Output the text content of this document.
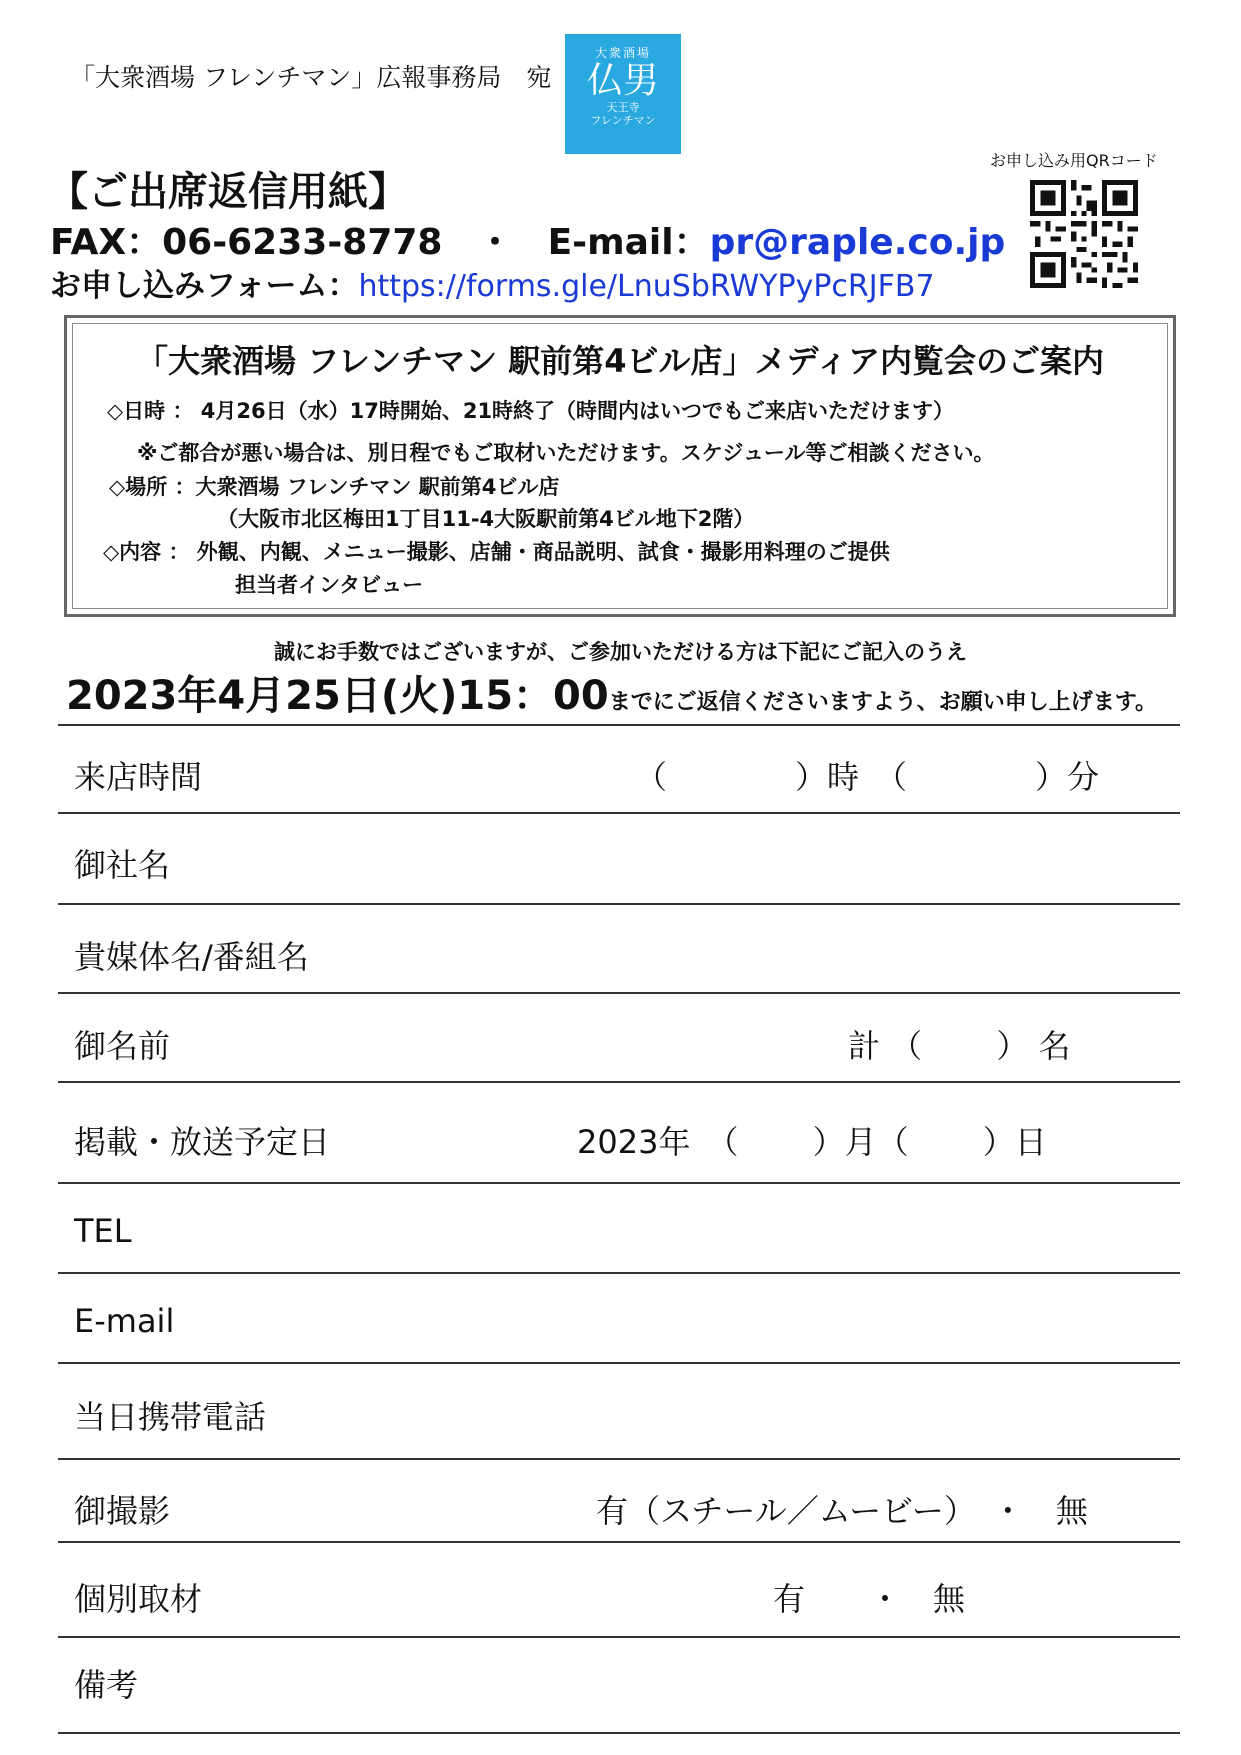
「大衆酒場 フレンチマン」広報事務局　宛
大衆酒場
仏男
天王寺
フレンチマン
お申し込み用QRコード
【ご出席返信用紙】
FAX：06-6233-8778 ・ E-mail：pr@raple.co.jp
お申し込みフォーム：https://forms.gle/LnuSbRWYPyPcRJFB7
「大衆酒場 フレンチマン 駅前第4ビル店」メディア内覧会のご案内
◇日時 ： 4月26日（水）17時開始、21時終了（時間内はいつでもご来店いただけます）
※ご都合が悪い場合は、別日程でもご取材いただけます。スケジュール等ご相談ください。
◇場所 ：大衆酒場 フレンチマン 駅前第4ビル店
（大阪市北区梅田1丁目11-4大阪駅前第4ビル地下2階）
◇内容 ： 外観、内観、メニュー撮影、店舗・商品説明、試食・撮影用料理のご提供
担当者インタビュー
誠にお手数ではございますが、ご参加いただける方は下記にご記入のうえ
2023年4月25日(火)15：00までにご返信くださいますよう、お願い申し上げます。
来店時間	（　　　　）時　（　　　　）分
御社名
貴媒体名/番組名
御名前	計 （　　 ） 名
掲載・放送予定日	2023年　（　　 ）月（　　 ）日
TEL
E-mail
当日携帯電話
御撮影	有（スチール／ムービー）　・　無
個別取材	有　　・　無
備考
